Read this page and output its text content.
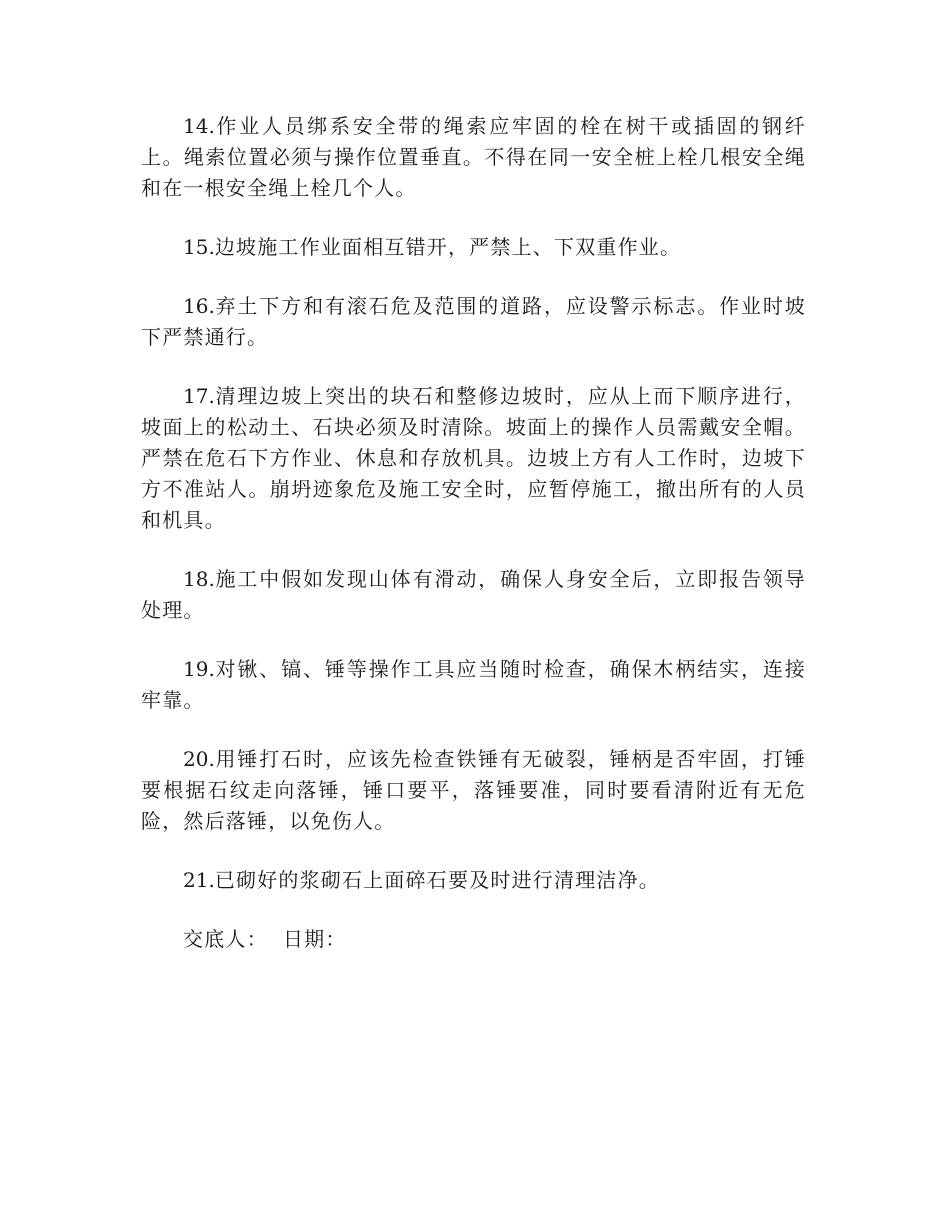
14.作业人员绑系安全带的绳索应牢固的栓在树干或插固的钢纤上。绳索位置必须与操作位置垂直。不得在同一安全桩上栓几根安全绳和在一根安全绳上栓几个人。

15.边坡施工作业面相互错开，严禁上、下双重作业。

16.弃土下方和有滚石危及范围的道路，应设警示标志。作业时坡下严禁通行。

17.清理边坡上突出的块石和整修边坡时，应从上而下顺序进行，坡面上的松动土、石块必须及时清除。坡面上的操作人员需戴安全帽。严禁在危石下方作业、休息和存放机具。边坡上方有人工作时，边坡下方不准站人。崩坍迹象危及施工安全时，应暂停施工，撤出所有的人员和机具。

18.施工中假如发现山体有滑动，确保人身安全后，立即报告领导处理。

19.对锹、镐、锤等操作工具应当随时检查，确保木柄结实，连接牢靠。

20.用锤打石时，应该先检查铁锤有无破裂，锤柄是否牢固，打锤要根据石纹走向落锤，锤口要平，落锤要准，同时要看清附近有无危险，然后落锤，以免伤人。

21.已砌好的浆砌石上面碎石要及时进行清理洁净。

交底人： 日期：
